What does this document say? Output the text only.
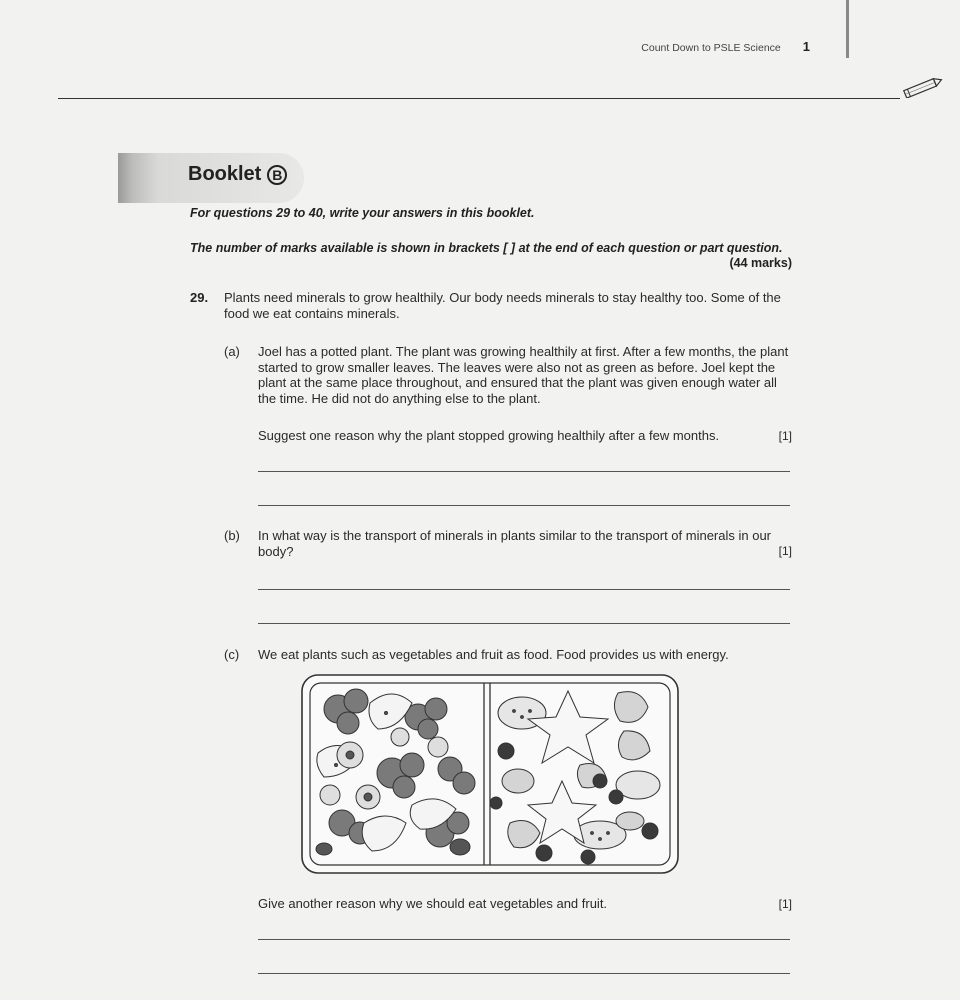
Count Down to PSLE Science 1
Booklet B
For questions 29 to 40, write your answers in this booklet.
The number of marks available is shown in brackets [ ] at the end of each question or part question.
(44 marks)
29. Plants need minerals to grow healthily. Our body needs minerals to stay healthy too. Some of the food we eat contains minerals.
(a) Joel has a potted plant. The plant was growing healthily at first. After a few months, the plant started to grow smaller leaves. The leaves were also not as green as before. Joel kept the plant at the same place throughout, and ensured that the plant was given enough water all the time. He did not do anything else to the plant.
Suggest one reason why the plant stopped growing healthily after a few months.	[1]
(b) In what way is the transport of minerals in plants similar to the transport of minerals in our body?	[1]
(c) We eat plants such as vegetables and fruit as food. Food provides us with energy.
Give another reason why we should eat vegetables and fruit.	[1]
